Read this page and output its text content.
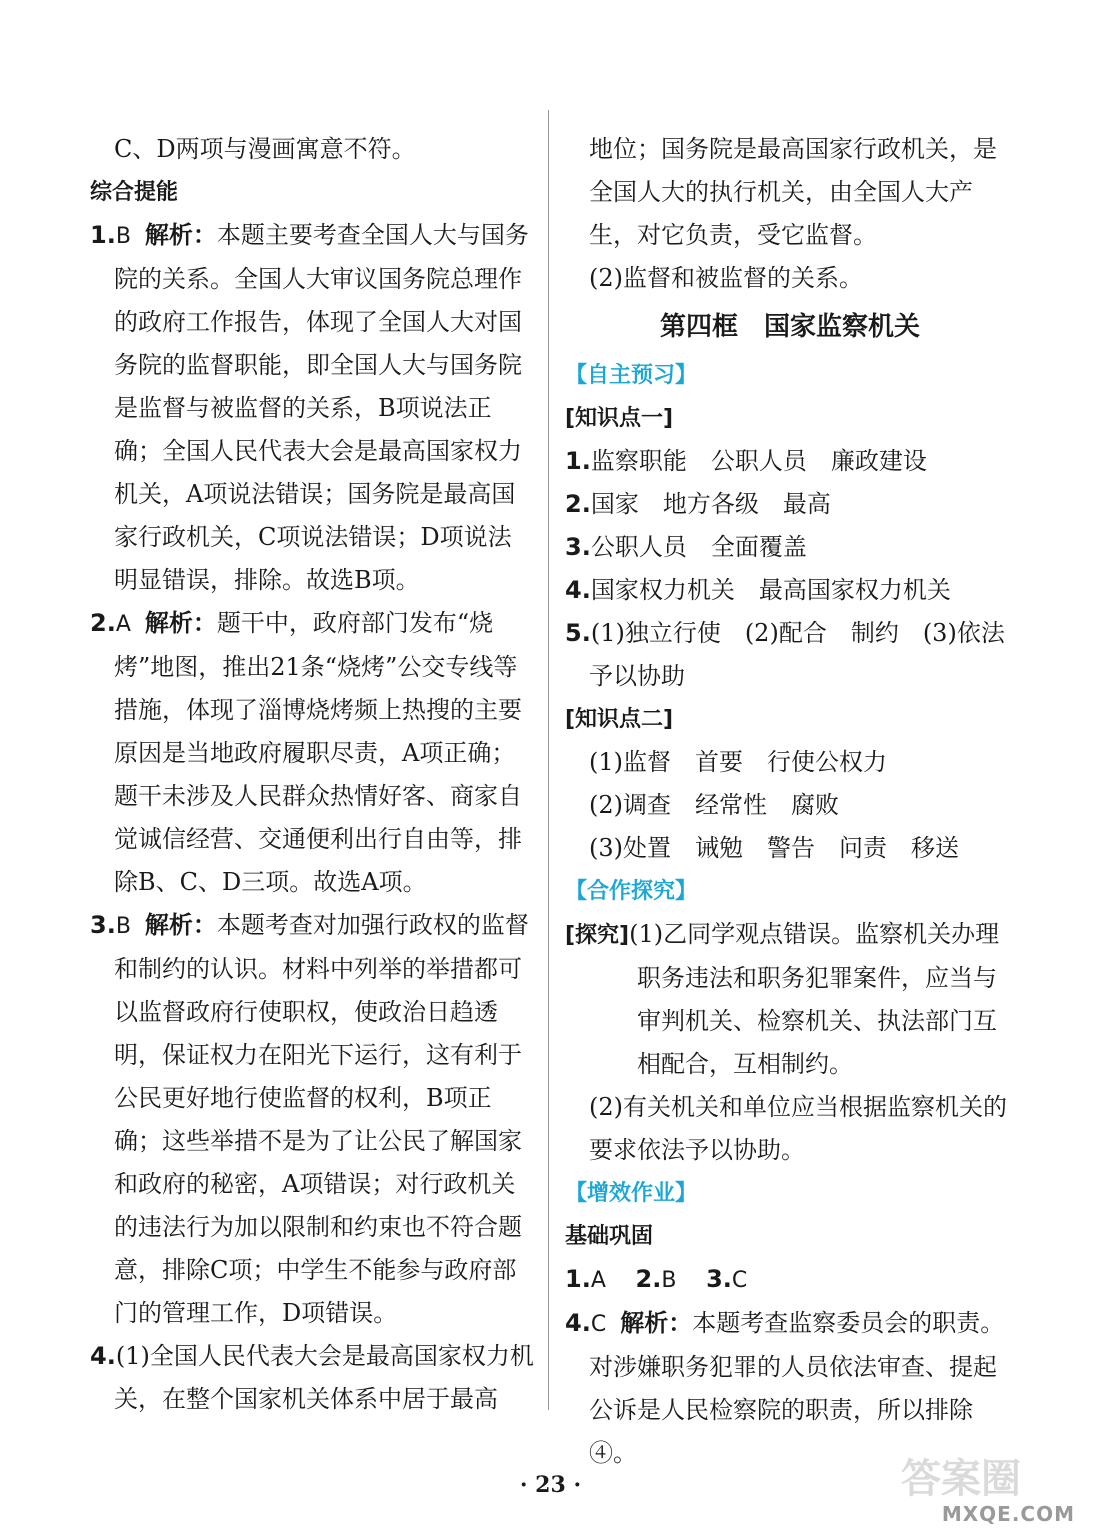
C、D两项与漫画寓意不符。

综合提能

1.B 解析：本题主要考查全国人大与国务院的关系。全国人大审议国务院总理作的政府工作报告，体现了全国人大对国务院的监督职能，即全国人大与国务院是监督与被监督的关系，B项说法正确；全国人民代表大会是最高国家权力机关，A项说法错误；国务院是最高国家行政机关，C项说法错误；D项说法明显错误，排除。故选B项。

2.A 解析：题干中，政府部门发布“烧烤”地图，推出21条“烧烤”公交专线等措施，体现了淄博烧烤频上热搜的主要原因是当地政府履职尽责，A项正确；题干未涉及人民群众热情好客、商家自觉诚信经营、交通便利出行自由等，排除B、C、D三项。故选A项。

3.B 解析：本题考查对加强行政权的监督和制约的认识。材料中列举的举措都可以监督政府行使职权，使政治日趋透明，保证权力在阳光下运行，这有利于公民更好地行使监督的权利，B项正确；这些举措不是为了让公民了解国家和政府的秘密，A项错误；对行政机关的违法行为加以限制和约束也不符合题意，排除C项；中学生不能参与政府部门的管理工作，D项错误。

4.(1)全国人民代表大会是最高国家权力机关，在整个国家机关体系中居于最高

地位；国务院是最高国家行政机关，是全国人大的执行机关，由全国人大产生，对它负责，受它监督。

(2)监督和被监督的关系。

第四框　国家监察机关

【自主预习】

[知识点一]

1.监察职能　公职人员　廉政建设

2.国家　地方各级　最高

3.公职人员　全面覆盖

4.国家权力机关　最高国家权力机关

5.(1)独立行使　(2)配合　制约　(3)依法予以协助

[知识点二]

(1)监督　首要　行使公权力

(2)调查　经常性　腐败

(3)处置　诫勉　警告　问责　移送

【合作探究】

[探究](1)乙同学观点错误。监察机关办理职务违法和职务犯罪案件，应当与审判机关、检察机关、执法部门互相配合，互相制约。

(2)有关机关和单位应当根据监察机关的要求依法予以协助。

【增效作业】

基础巩固

1.A 2.B 3.C

4.C 解析：本题考查监察委员会的职责。对涉嫌职务犯罪的人员依法审查、提起公诉是人民检察院的职责，所以排除④。

· 23 ·	答案圈
MXQE.COM
